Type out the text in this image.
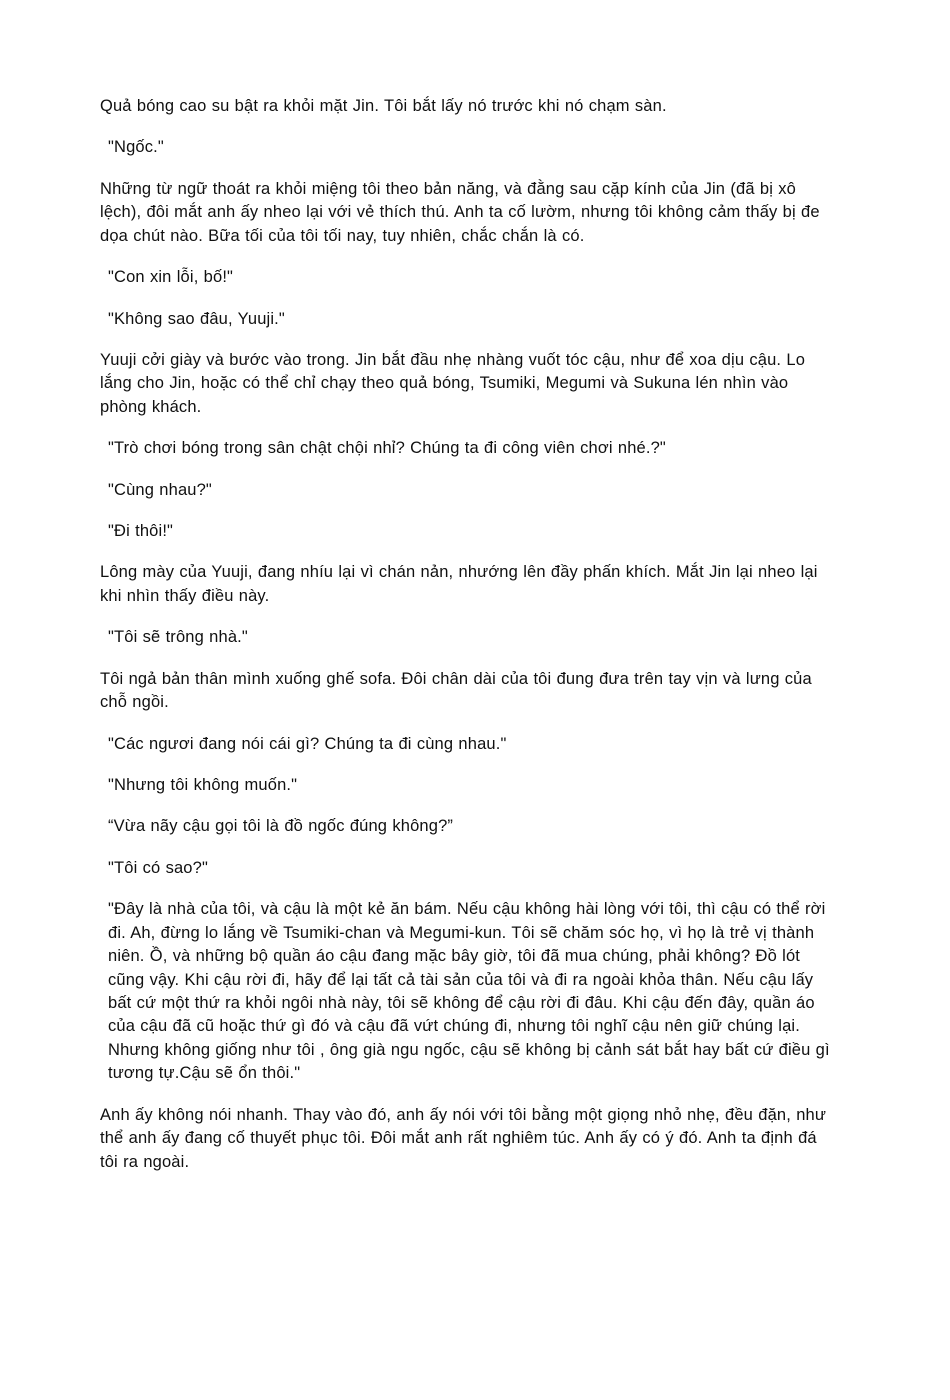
Quả bóng cao su bật ra khỏi mặt Jin. Tôi bắt lấy nó trước khi nó chạm sàn.

"Ngốc."

Những từ ngữ thoát ra khỏi miệng tôi theo bản năng, và đằng sau cặp kính của Jin (đã bị xô lệch), đôi mắt anh ấy nheo lại với vẻ thích thú. Anh ta cố lườm, nhưng tôi không cảm thấy bị đe dọa chút nào. Bữa tối của tôi tối nay, tuy nhiên, chắc chắn là có.

"Con xin lỗi, bố!"

"Không sao đâu, Yuuji."

Yuuji cởi giày và bước vào trong. Jin bắt đầu nhẹ nhàng vuốt tóc cậu, như để xoa dịu cậu. Lo lắng cho Jin, hoặc có thể chỉ chạy theo quả bóng, Tsumiki, Megumi và Sukuna lén nhìn vào phòng khách.

"Trò chơi bóng trong sân chật chội nhỉ? Chúng ta đi công viên chơi nhé.?"

"Cùng nhau?"

"Đi thôi!"

Lông mày của Yuuji, đang nhíu lại vì chán nản, nhướng lên đầy phấn khích. Mắt Jin lại nheo lại khi nhìn thấy điều này.

"Tôi sẽ trông nhà."

Tôi ngả bản thân mình xuống ghế sofa. Đôi chân dài của tôi đung đưa trên tay vịn và lưng của chỗ ngồi.

"Các ngươi đang nói cái gì? Chúng ta đi cùng nhau."

"Nhưng tôi không muốn."

“Vừa nãy cậu gọi tôi là đồ ngốc đúng không?”

"Tôi có sao?"

"Đây là nhà của tôi, và cậu là một kẻ ăn bám. Nếu cậu không hài lòng với tôi, thì cậu có thể rời đi. Ah, đừng lo lắng về Tsumiki-chan và Megumi-kun. Tôi sẽ chăm sóc họ, vì họ là trẻ vị thành niên. Ồ, và những bộ quần áo cậu đang mặc bây giờ, tôi đã mua chúng, phải không? Đồ lót cũng vậy. Khi cậu rời đi, hãy để lại tất cả tài sản của tôi và đi ra ngoài khỏa thân. Nếu cậu lấy bất cứ một thứ ra khỏi ngôi nhà này, tôi sẽ không để cậu rời đi đâu. Khi cậu đến đây, quần áo của cậu đã cũ hoặc thứ gì đó và cậu đã vứt chúng đi, nhưng tôi nghĩ cậu nên giữ chúng lại. Nhưng không giống như tôi , ông già ngu ngốc, cậu sẽ không bị cảnh sát bắt hay bất cứ điều gì tương tự.Cậu sẽ ổn thôi."

Anh ấy không nói nhanh. Thay vào đó, anh ấy nói với tôi bằng một giọng nhỏ nhẹ, đều đặn, như thể anh ấy đang cố thuyết phục tôi. Đôi mắt anh rất nghiêm túc. Anh ấy có ý đó. Anh ta định đá tôi ra ngoài.
